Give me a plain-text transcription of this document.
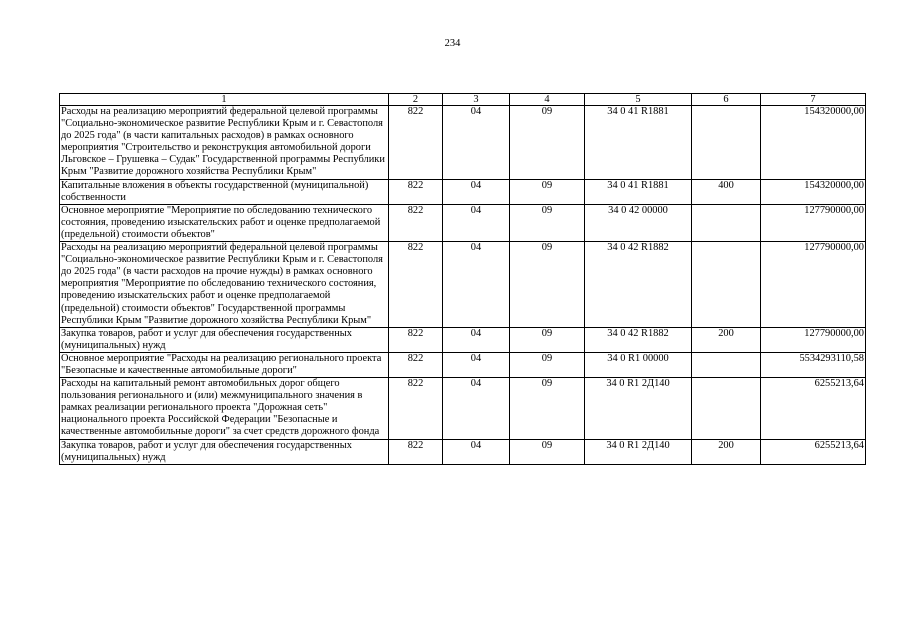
234
1	2	3	4	5	6	7
Расходы на реализацию мероприятий федеральной целевой программы "Социально-экономическое развитие Республики Крым и г. Севастополя до 2025 года" (в части капитальных расходов) в рамках основного мероприятия "Строительство и реконструкция автомобильной дороги Льговское – Грушевка – Судак" Государственной программы Республики Крым "Развитие дорожного хозяйства Республики Крым"	822	04	09	34 0 41 R1881		154320000,00
Капитальные вложения в объекты государственной (муниципальной) собственности	822	04	09	34 0 41 R1881	400	154320000,00
Основное мероприятие "Мероприятие по обследованию технического состояния, проведению изыскательских работ и оценке предполагаемой (предельной) стоимости объектов"	822	04	09	34 0 42 00000		127790000,00
Расходы на реализацию мероприятий федеральной целевой программы "Социально-экономическое развитие Республики Крым и г. Севастополя до 2025 года" (в части расходов на прочие нужды) в рамках основного мероприятия "Мероприятие по обследованию технического состояния, проведению изыскательских работ и оценке предполагаемой (предельной) стоимости объектов" Государственной программы Республики Крым "Развитие дорожного хозяйства Республики Крым"	822	04	09	34 0 42 R1882		127790000,00
Закупка товаров, работ и услуг для обеспечения государственных (муниципальных) нужд	822	04	09	34 0 42 R1882	200	127790000,00
Основное мероприятие "Расходы на реализацию регионального проекта "Безопасные и качественные автомобильные дороги"	822	04	09	34 0 R1 00000		5534293110,58
Расходы на капитальный ремонт автомобильных дорог общего пользования регионального и (или) межмуниципального значения в рамках реализации регионального проекта "Дорожная сеть" национального проекта Российской Федерации "Безопасные и качественные автомобильные дороги" за счет средств дорожного фонда	822	04	09	34 0 R1 2Д140		6255213,64
Закупка товаров, работ и услуг для обеспечения государственных (муниципальных) нужд	822	04	09	34 0 R1 2Д140	200	6255213,64
